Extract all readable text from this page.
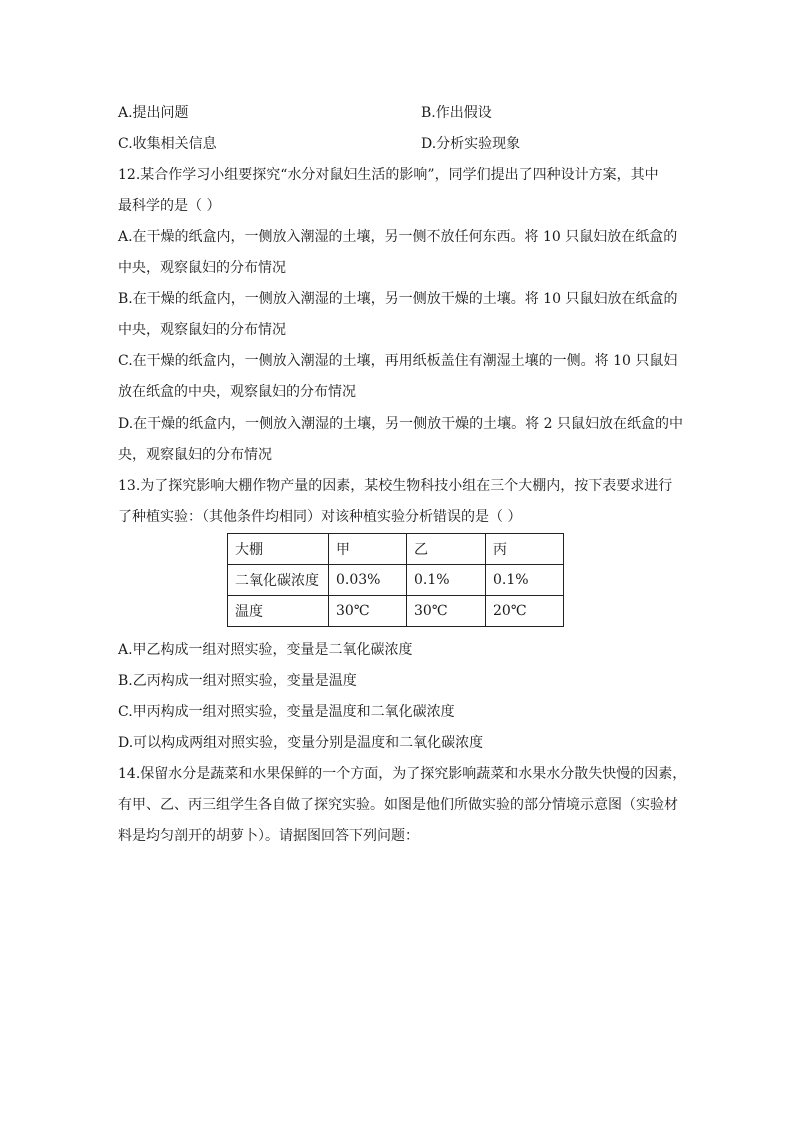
A.提出问题	B.作出假设
C.收集相关信息	D.分析实验现象
12.某合作学习小组要探究“水分对鼠妇生活的影响”，同学们提出了四种设计方案，其中
最科学的是（ ）
A.在干燥的纸盒内，一侧放入潮湿的土壤，另一侧不放任何东西。将 10 只鼠妇放在纸盒的
中央，观察鼠妇的分布情况
B.在干燥的纸盒内，一侧放入潮湿的土壤，另一侧放干燥的土壤。将 10 只鼠妇放在纸盒的
中央，观察鼠妇的分布情况
C.在干燥的纸盒内，一侧放入潮湿的土壤，再用纸板盖住有潮湿土壤的一侧。将 10 只鼠妇
放在纸盒的中央，观察鼠妇的分布情况
D.在干燥的纸盒内，一侧放入潮湿的土壤，另一侧放干燥的土壤。将 2 只鼠妇放在纸盒的中
央，观察鼠妇的分布情况
13.为了探究影响大棚作物产量的因素，某校生物科技小组在三个大棚内，按下表要求进行
了种植实验：（其他条件均相同）对该种植实验分析错误的是（ ）
大棚	甲	乙	丙
二氧化碳浓度	0.03%	0.1%	0.1%
温度	30℃	30℃	20℃
A.甲乙构成一组对照实验，变量是二氧化碳浓度
B.乙丙构成一组对照实验，变量是温度
C.甲丙构成一组对照实验，变量是温度和二氧化碳浓度
D.可以构成两组对照实验，变量分别是温度和二氧化碳浓度
14.保留水分是蔬菜和水果保鲜的一个方面，为了探究影响蔬菜和水果水分散失快慢的因素，
有甲、乙、丙三组学生各自做了探究实验。如图是他们所做实验的部分情境示意图（实验材
料是均匀剖开的胡萝卜）。请据图回答下列问题：
